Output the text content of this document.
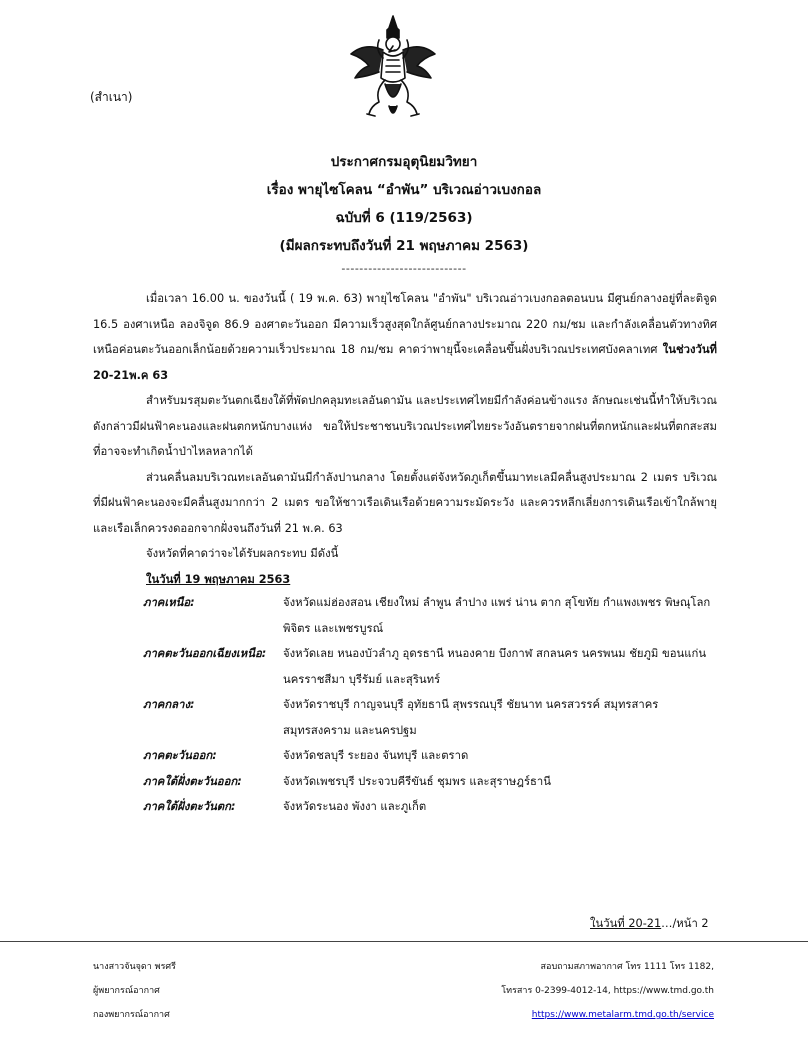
(สำเนา)
ประกาศกรมอุตุนิยมวิทยา
เรื่อง พายุไซโคลน “อำพัน” บริเวณอ่าวเบงกอล
ฉบับที่ 6 (119/2563)
(มีผลกระทบถึงวันที่ 21 พฤษภาคม 2563)
----------------------------

เมื่อเวลา 16.00 น. ของวันนี้ ( 19 พ.ค. 63) พายุไซโคลน "อำพัน" บริเวณอ่าวเบงกอลตอนบน มีศูนย์กลางอยู่ที่ละติจูด 16.5 องศาเหนือ ลองจิจูด 86.9 องศาตะวันออก มีความเร็วสูงสุดใกล้ศูนย์กลางประมาณ 220 กม/ชม และกำลังเคลื่อนตัวทางทิศเหนือค่อนตะวันออกเล็กน้อยด้วยความเร็วประมาณ 18 กม/ชม คาดว่าพายุนี้จะเคลื่อนขึ้นฝั่งบริเวณประเทศบังคลาเทศ ในช่วงวันที่ 20-21พ.ค 63

สำหรับมรสุมตะวันตกเฉียงใต้ที่พัดปกคลุมทะเลอันดามัน และประเทศไทยมีกำลังค่อนข้างแรง ลักษณะเช่นนี้ทำให้บริเวณดังกล่าวมีฝนฟ้าคะนองและฝนตกหนักบางแห่ง ขอให้ประชาชนบริเวณประเทศไทยระวังอันตรายจากฝนที่ตกหนักและฝนที่ตกสะสม ที่อาจจะทำเกิดน้ำป่าไหลหลากได้

ส่วนคลื่นลมบริเวณทะเลอันดามันมีกำลังปานกลาง โดยตั้งแต่จังหวัดภูเก็ตขึ้นมาทะเลมีคลื่นสูงประมาณ 2 เมตร บริเวณที่มีฝนฟ้าคะนองจะมีคลื่นสูงมากกว่า 2 เมตร ขอให้ชาวเรือเดินเรือด้วยความระมัดระวัง และควรหลีกเลี่ยงการเดินเรือเข้าใกล้พายุ และเรือเล็กควรงดออกจากฝั่งจนถึงวันที่ 21 พ.ค. 63

จังหวัดที่คาดว่าจะได้รับผลกระทบ มีดังนี้

ในวันที่ 19 พฤษภาคม 2563

ภาคเหนือ:	จังหวัดแม่ฮ่องสอน เชียงใหม่ ลำพูน ลำปาง แพร่ น่าน ตาก สุโขทัย กำแพงเพชร พิษณุโลก พิจิตร และเพชรบูรณ์
ภาคตะวันออกเฉียงเหนือ:	จังหวัดเลย หนองบัวลำภู อุดรธานี หนองคาย บึงกาฬ สกลนคร นครพนม ชัยภูมิ ขอนแก่น นครราชสีมา บุรีรัมย์ และสุรินทร์
ภาคกลาง:	จังหวัดราชบุรี กาญจนบุรี อุทัยธานี สุพรรณบุรี ชัยนาท นครสวรรค์ สมุทรสาคร สมุทรสงคราม และนครปฐม
ภาคตะวันออก:	จังหวัดชลบุรี ระยอง จันทบุรี และตราด
ภาคใต้ฝั่งตะวันออก:	จังหวัดเพชรบุรี ประจวบคีรีขันธ์ ชุมพร และสุราษฎร์ธานี
ภาคใต้ฝั่งตะวันตก:	จังหวัดระนอง พังงา และภูเก็ต
ในวันที่ 20-21…/หน้า 2
นางสาวจันจุดา พรศรี
ผู้พยากรณ์อากาศ
กองพยากรณ์อากาศ
สอบถามสภาพอากาศ โทร 1111 โทร 1182,
โทรสาร 0-2399-4012-14, https://www.tmd.go.th
https://www.metalarm.tmd.go.th/service
